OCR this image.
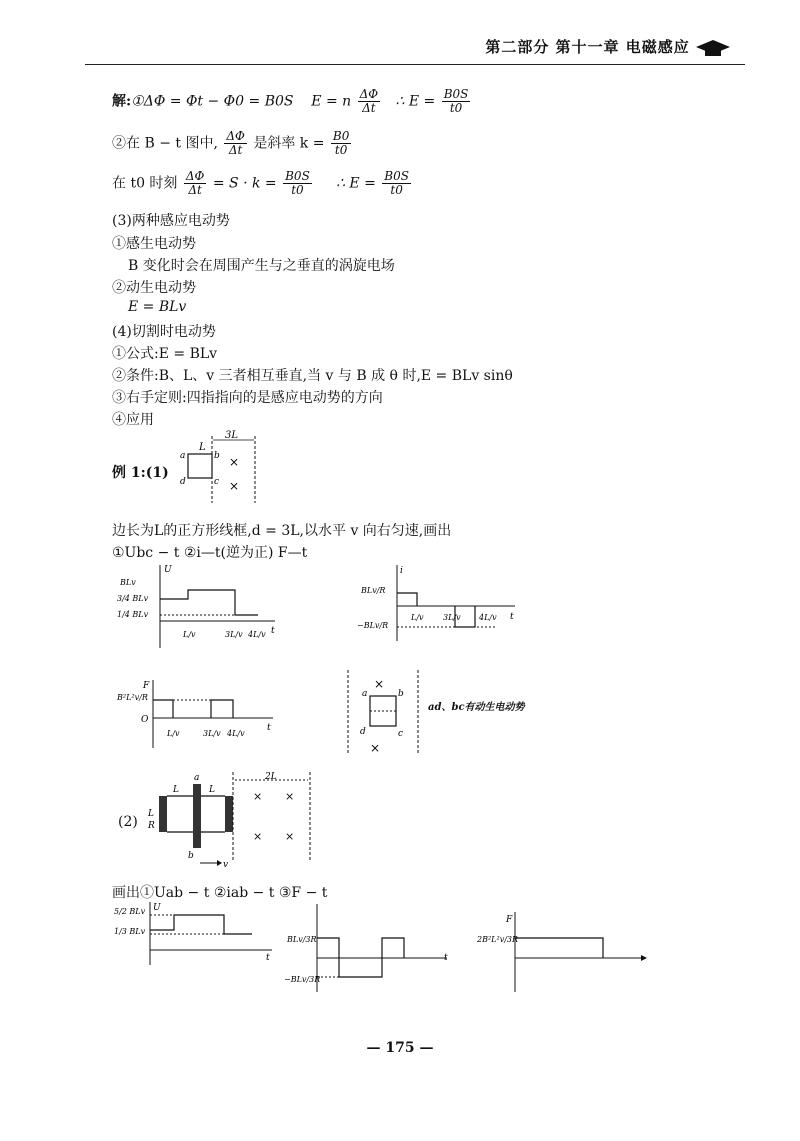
第二部分 第十一章 电磁感应
解:①ΔΦ = Φt − Φ0 = B0S E = n $\frac{\Delta\Phi}{\Delta t}$ ∴ $E = \frac{B0S}{t0}$
②在 B − t 图中, $\frac{\Delta\Phi}{\Delta t}$ 是斜率 $k = \frac{B0}{t0}$
在 t0 时刻 $\frac{\Delta\Phi}{\Delta t} = S \cdot k = \frac{B0S}{t0}$ ∴ $E = \frac{B0S}{t0}$
(3)两种感应电动势
①感生电动势
B 变化时会在周围产生与之垂直的涡旋电场
②动生电动势
E = BLv
(4)切割时电动势
①公式:E = BLv
②条件:B、L、v 三者相互垂直,当 v 与 B 成 θ 时,E = BLv sinθ
③右手定则:四指指向的是感应电动势的方向
④应用
例 1:(1)
3L
L
a	b
c
d
×
×
边长为L的正方形线框,d = 3L,以水平 v 向右匀速,画出
①Ubc − t ②i—t(逆为正) F—t
U
t
BLv
3/4 BLv
1/4 BLv
L/v	3L/v 4L/v
i
t
BLv/R
−BLv/R
L/v 3L/v 4L/v
F
t
B²L²v/R
O
L/v	3L/v 4L/v
×
×
a	b
c
d
ad、bc有动生电动势
(2) L
R
a
b
L	L
v
2L
× ×
× ×
画出①Uab − t ②iab − t ③F − t
U
t
5/2 BLv
1/3 BLv
t
BLv/3R
−BLv/3R
F
2B²L²v/3R
— 175 —
